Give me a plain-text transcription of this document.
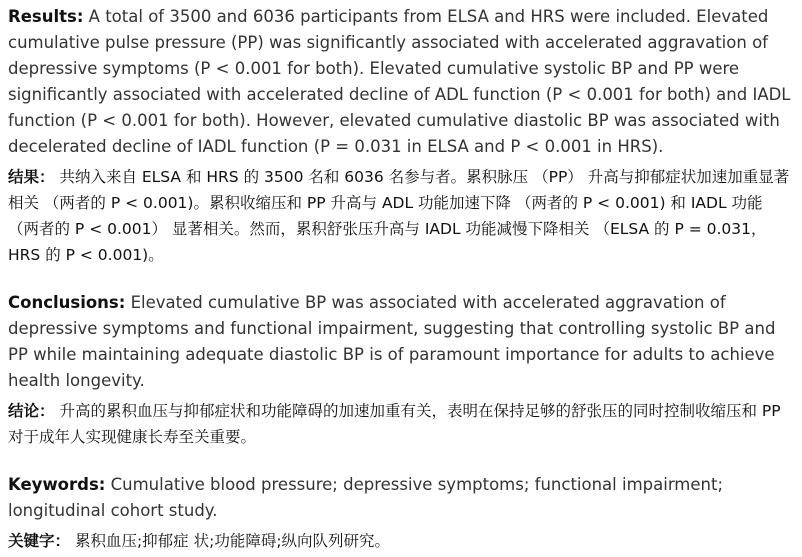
Results: A total of 3500 and 6036 participants from ELSA and HRS were included. Elevated cumulative pulse pressure (PP) was significantly associated with accelerated aggravation of depressive symptoms (P < 0.001 for both). Elevated cumulative systolic BP and PP were significantly associated with accelerated decline of ADL function (P < 0.001 for both) and IADL function (P < 0.001 for both). However, elevated cumulative diastolic BP was associated with decelerated decline of IADL function (P = 0.031 in ELSA and P < 0.001 in HRS).

结果： 共纳入来自 ELSA 和 HRS 的 3500 名和 6036 名参与者。累积脉压 （PP） 升高与抑郁症状加速加重显著相关 （两者的 P < 0.001)。累积收缩压和 PP 升高与 ADL 功能加速下降 （两者的 P < 0.001) 和 IADL 功能 （两者的 P < 0.001） 显著相关。然而，累积舒张压升高与 IADL 功能减慢下降相关 （ELSA 的 P = 0.031，HRS 的 P < 0.001)。

Conclusions: Elevated cumulative BP was associated with accelerated aggravation of depressive symptoms and functional impairment, suggesting that controlling systolic BP and PP while maintaining adequate diastolic BP is of paramount importance for adults to achieve health longevity.

结论： 升高的累积血压与抑郁症状和功能障碍的加速加重有关，表明在保持足够的舒张压的同时控制收缩压和 PP 对于成年人实现健康长寿至关重要。

Keywords: Cumulative blood pressure; depressive symptoms; functional impairment; longitudinal cohort study.

关键字： 累积血压;抑郁症 状;功能障碍;纵向队列研究。
